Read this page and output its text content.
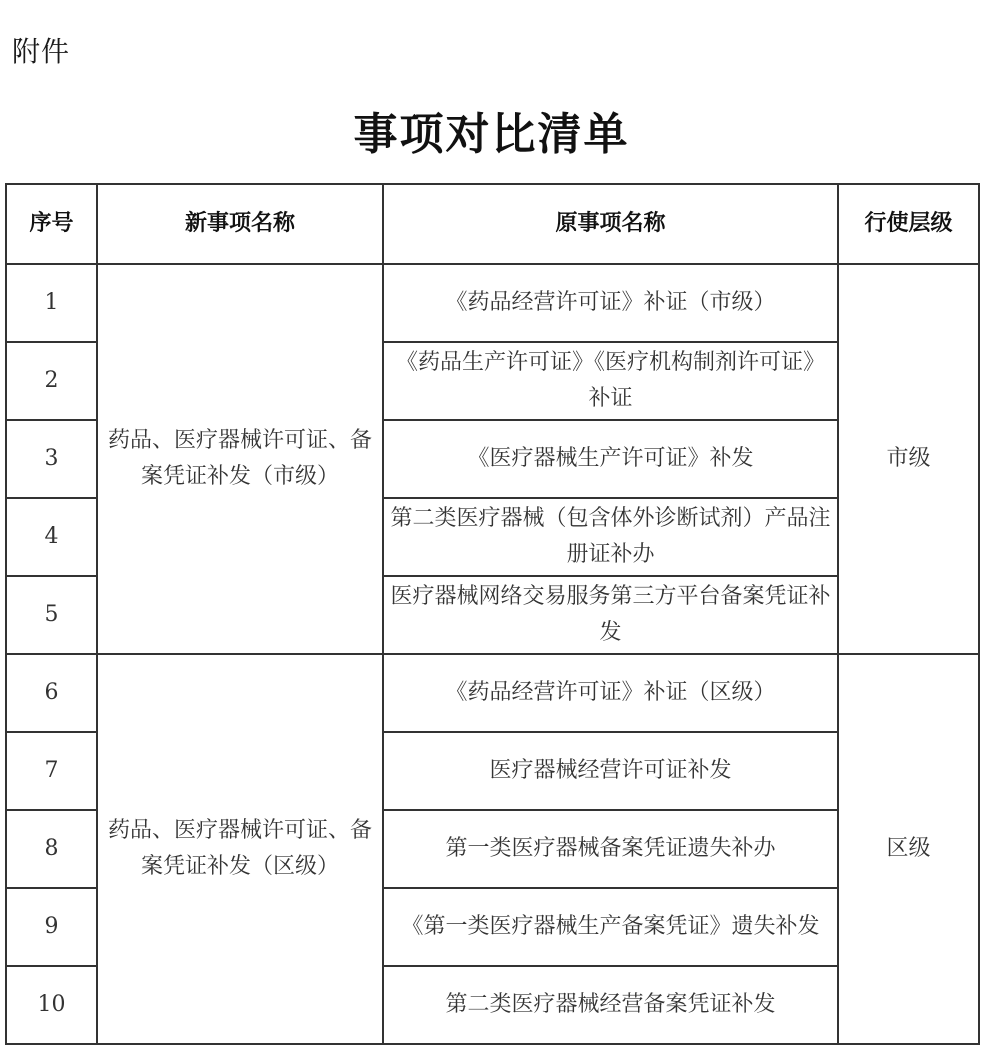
附件
事项对比清单
序号	新事项名称	原事项名称	行使层级
1	药品、医疗器械许可证、备案凭证补发（市级）	《药品经营许可证》补证（市级）	市级
2		《药品生产许可证》《医疗机构制剂许可证》补证	
3		《医疗器械生产许可证》补发	
4		第二类医疗器械（包含体外诊断试剂）产品注册证补办	
5		医疗器械网络交易服务第三方平台备案凭证补发	
6	药品、医疗器械许可证、备案凭证补发（区级）	《药品经营许可证》补证（区级）	区级
7		医疗器械经营许可证补发	
8		第一类医疗器械备案凭证遗失补办	
9		《第一类医疗器械生产备案凭证》遗失补发	
10		第二类医疗器械经营备案凭证补发	
